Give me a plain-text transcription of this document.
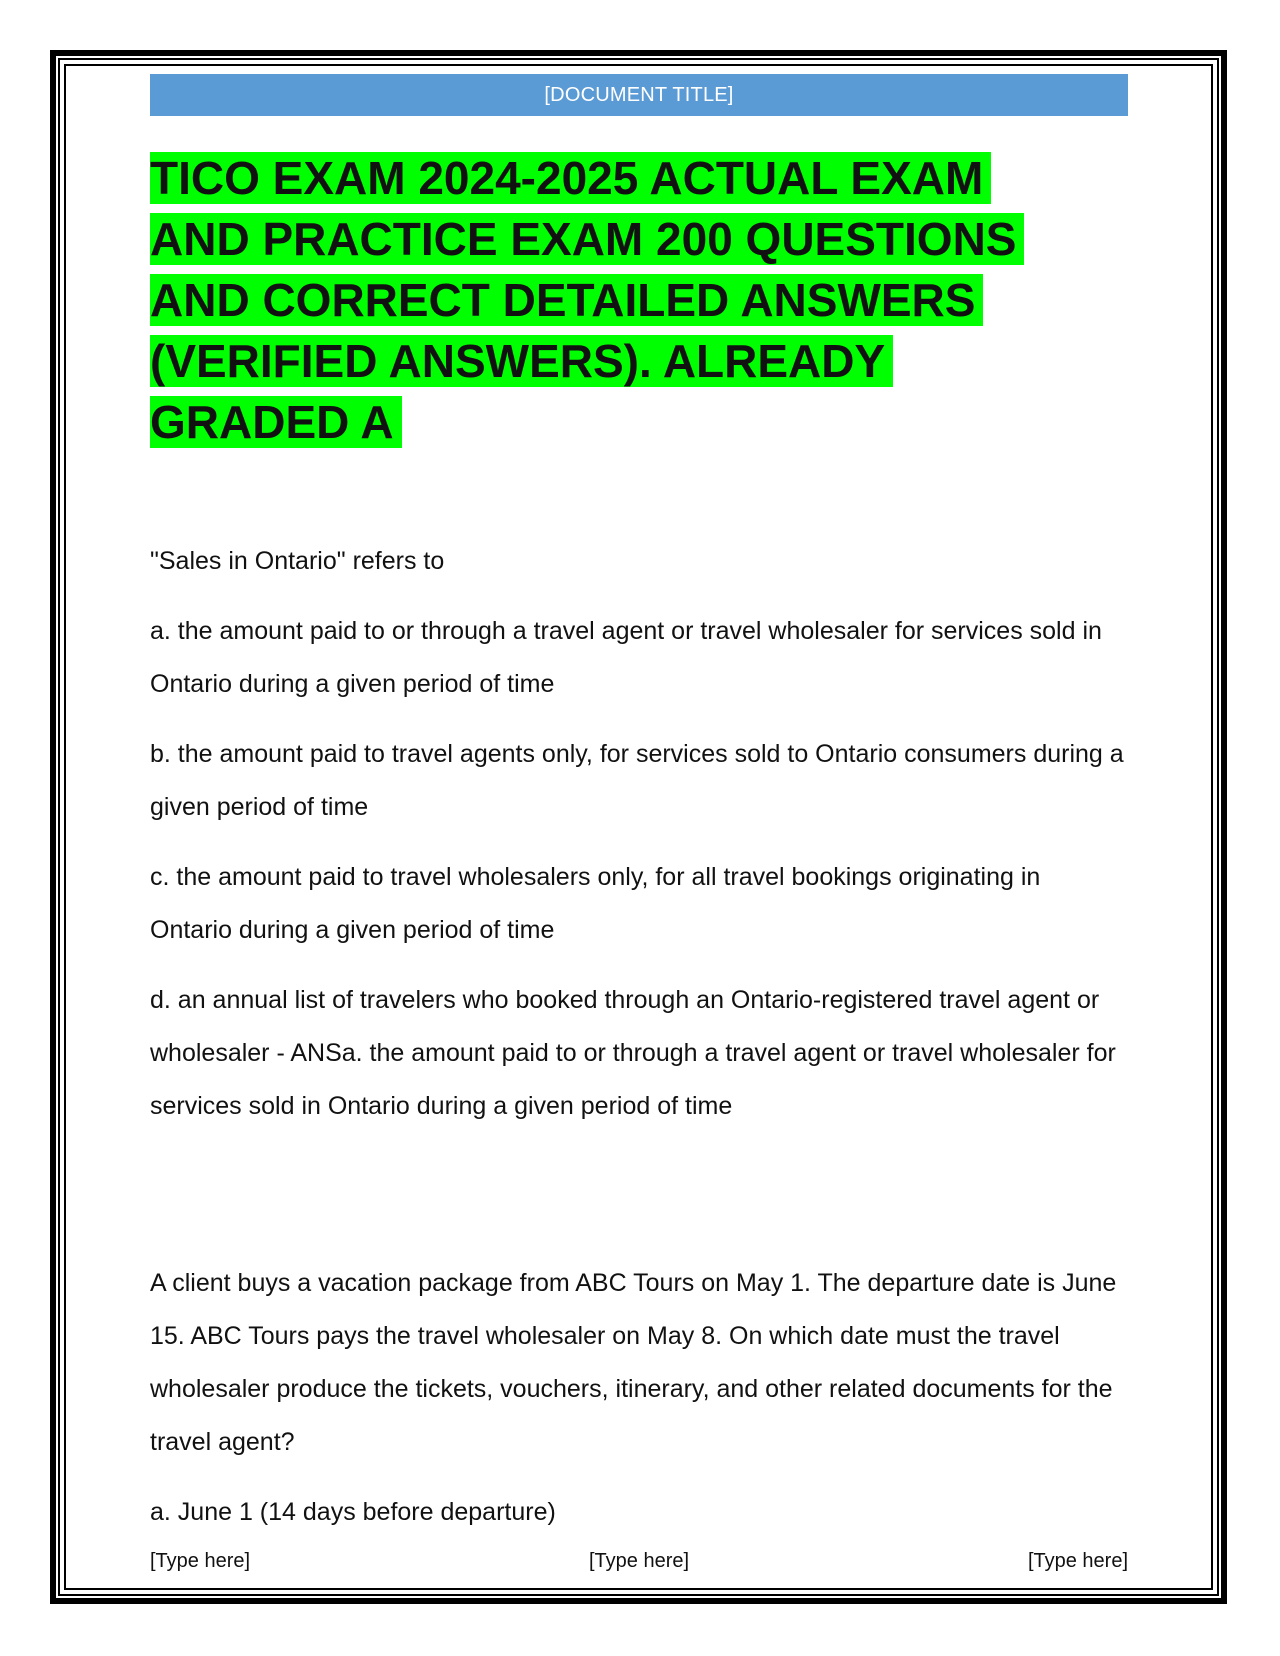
[DOCUMENT TITLE]
TICO EXAM 2024-2025 ACTUAL EXAM AND PRACTICE EXAM 200 QUESTIONS AND CORRECT DETAILED ANSWERS (VERIFIED ANSWERS). ALREADY GRADED A

"Sales in Ontario" refers to

a. the amount paid to or through a travel agent or travel wholesaler for services sold in Ontario during a given period of time

b. the amount paid to travel agents only, for services sold to Ontario consumers during a given period of time

c. the amount paid to travel wholesalers only, for all travel bookings originating in Ontario during a given period of time

d. an annual list of travelers who booked through an Ontario-registered travel agent or wholesaler - ANSa. the amount paid to or through a travel agent or travel wholesaler for services sold in Ontario during a given period of time

A client buys a vacation package from ABC Tours on May 1. The departure date is June 15. ABC Tours pays the travel wholesaler on May 8. On which date must the travel wholesaler produce the tickets, vouchers, itinerary, and other related documents for the travel agent?

a. June 1 (14 days before departure)

[Type here]	[Type here]	[Type here]
